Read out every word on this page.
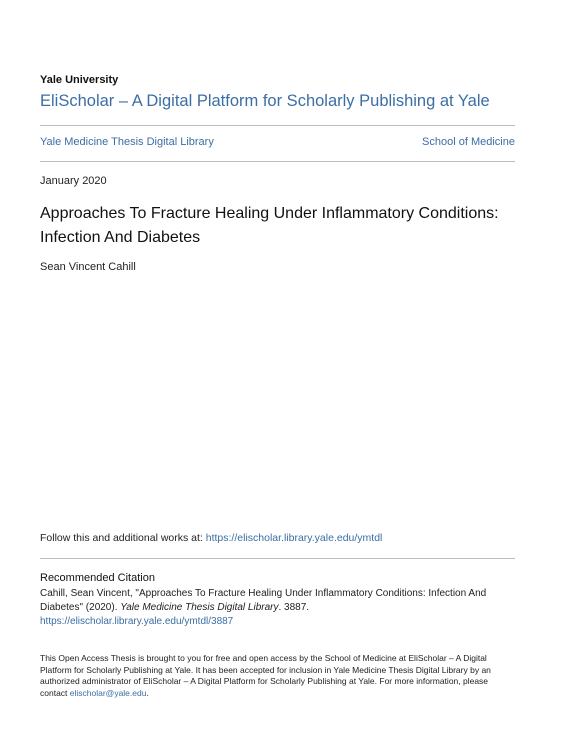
Yale University
EliScholar – A Digital Platform for Scholarly Publishing at Yale
Yale Medicine Thesis Digital Library	School of Medicine
January 2020
Approaches To Fracture Healing Under Inflammatory Conditions: Infection And Diabetes
Sean Vincent Cahill
Follow this and additional works at: https://elischolar.library.yale.edu/ymtdl
Recommended Citation
Cahill, Sean Vincent, "Approaches To Fracture Healing Under Inflammatory Conditions: Infection And Diabetes" (2020). Yale Medicine Thesis Digital Library. 3887.
https://elischolar.library.yale.edu/ymtdl/3887
This Open Access Thesis is brought to you for free and open access by the School of Medicine at EliScholar – A Digital Platform for Scholarly Publishing at Yale. It has been accepted for inclusion in Yale Medicine Thesis Digital Library by an authorized administrator of EliScholar – A Digital Platform for Scholarly Publishing at Yale. For more information, please contact elischolar@yale.edu.
